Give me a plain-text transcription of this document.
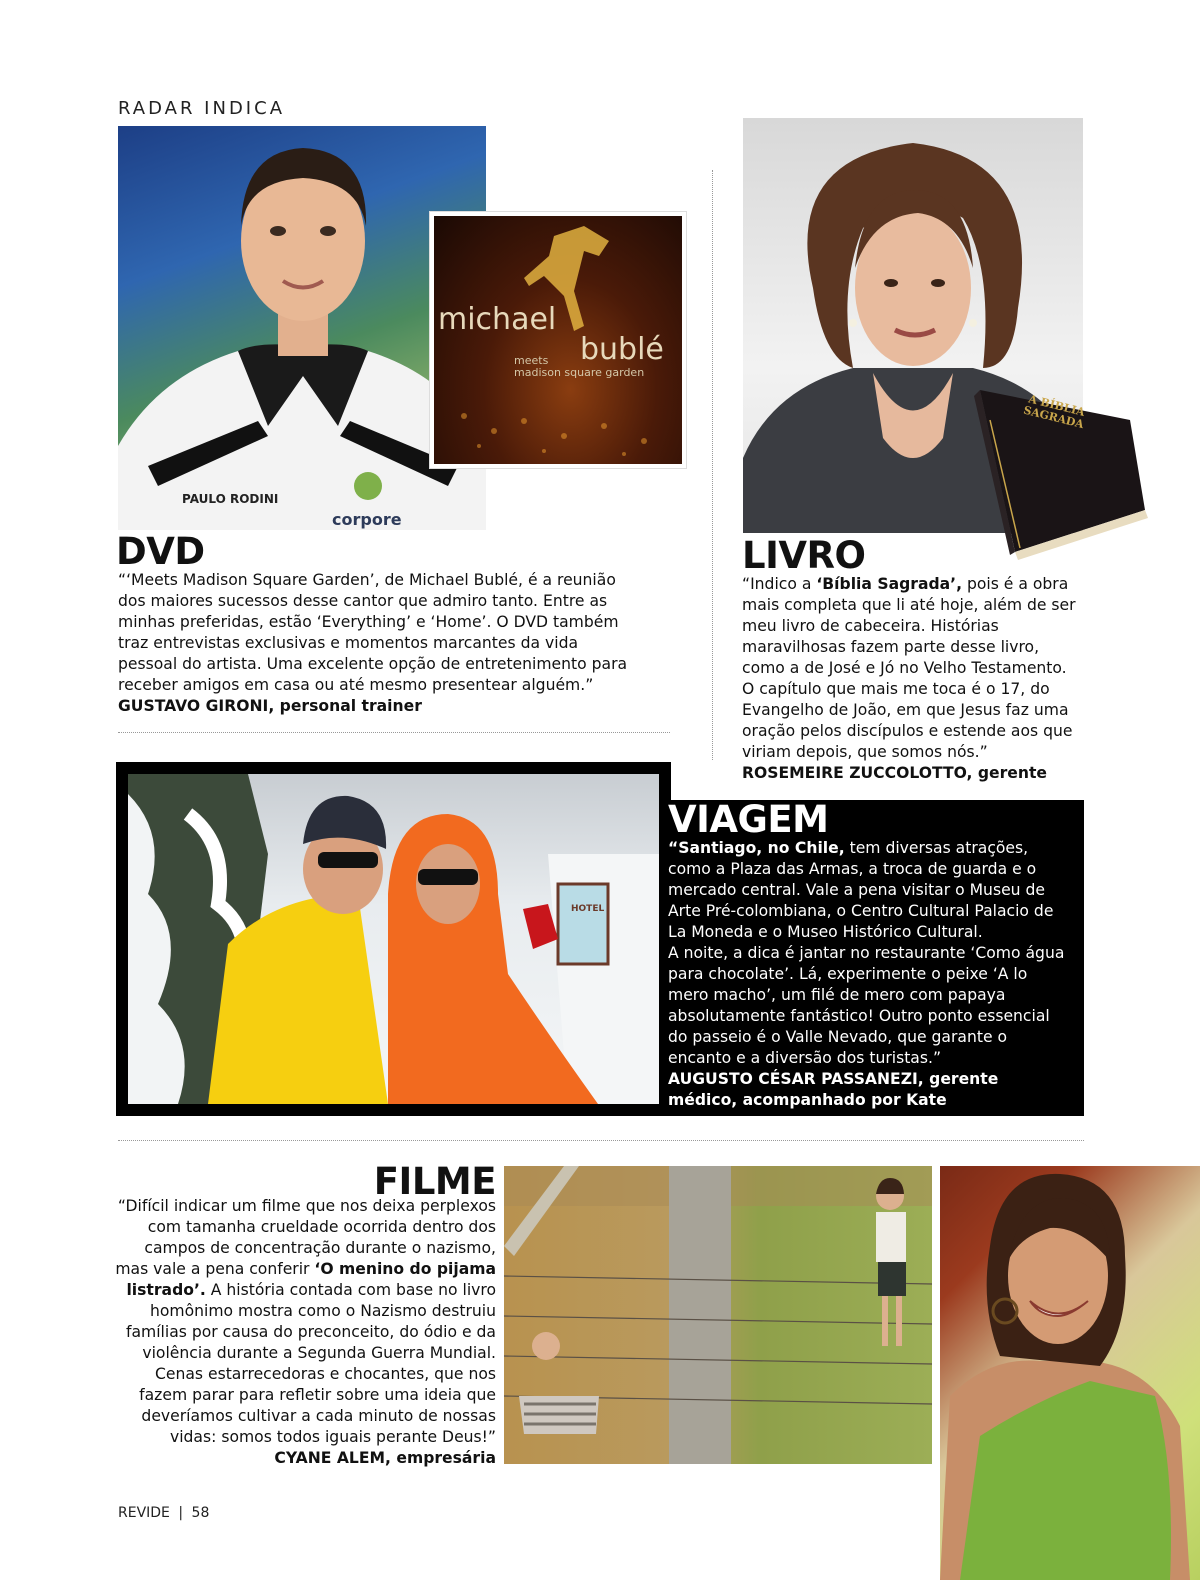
RADAR INDICA
PAULO RODINI
corpore
michael
bublé
meets
madison square garden
DVD

“‘Meets Madison Square Garden’, de Michael Bublé, é a reunião dos maiores sucessos desse cantor que admiro tanto. Entre as minhas preferidas, estão ‘Everything’ e ‘Home’. O DVD também traz entrevistas exclusivas e momentos marcantes da vida pessoal do artista. Uma excelente opção de entretenimento para receber amigos em casa ou até mesmo presentear alguém.”

GUSTAVO GIRONI, personal trainer

A BÍBLIA SAGRADA
LIVRO

“Indico a ‘Bíblia Sagrada’, pois é a obra mais completa que li até hoje, além de ser meu livro de cabeceira. Histórias maravilhosas fazem parte desse livro, como a de José e Jó no Velho Testamento. O capítulo que mais me toca é o 17, do Evangelho de João, em que Jesus faz uma oração pelos discípulos e estende aos que viriam depois, que somos nós.”

ROSEMEIRE ZUCCOLOTTO, gerente

HOTEL
VIAGEM

“Santiago, no Chile, tem diversas atrações, como a Plaza das Armas, a troca de guarda e o mercado central. Vale a pena visitar o Museu de Arte Pré-colombiana, o Centro Cultural Palacio de La Moneda e o Museo Histórico Cultural.

A noite, a dica é jantar no restaurante ‘Como água para chocolate’. Lá, experimente o peixe ‘A lo mero macho’, um filé de mero com papaya absolutamente fantástico! Outro ponto essencial do passeio é o Valle Nevado, que garante o encanto e a diversão dos turistas.”

AUGUSTO CÉSAR PASSANEZI, gerente médico, acompanhado por Kate

FILME

“Difícil indicar um filme que nos deixa perplexos com tamanha crueldade ocorrida dentro dos campos de concentração durante o nazismo, mas vale a pena conferir ‘O menino do pijama listrado’. A história contada com base no livro homônimo mostra como o Nazismo destruiu famílias por causa do preconceito, do ódio e da violência durante a Segunda Guerra Mundial. Cenas estarrecedoras e chocantes, que nos fazem parar para refletir sobre uma ideia que deveríamos cultivar a cada minuto de nossas vidas: somos todos iguais perante Deus!”

CYANE ALEM, empresária

REVIDE | 58
